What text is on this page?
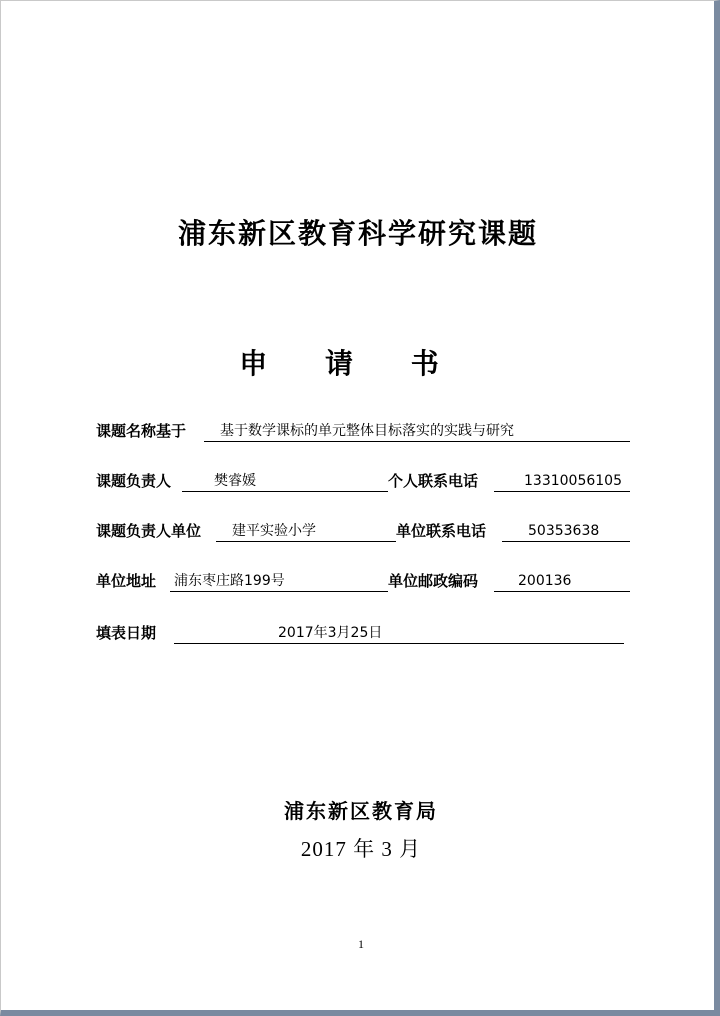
浦东新区教育科学研究课题
申 请 书
课题名称基于 基于数学课标的单元整体目标落实的实践与研究
课题负责人	樊睿媛	个人联系电话	13310056105
课题负责人单位 建平实验小学	单位联系电话	50353638
单位地址 浦东枣庄路199号	单位邮政编码	200136
填表日期	2017年3月25日
浦东新区教育局
2017 年 3 月
1
